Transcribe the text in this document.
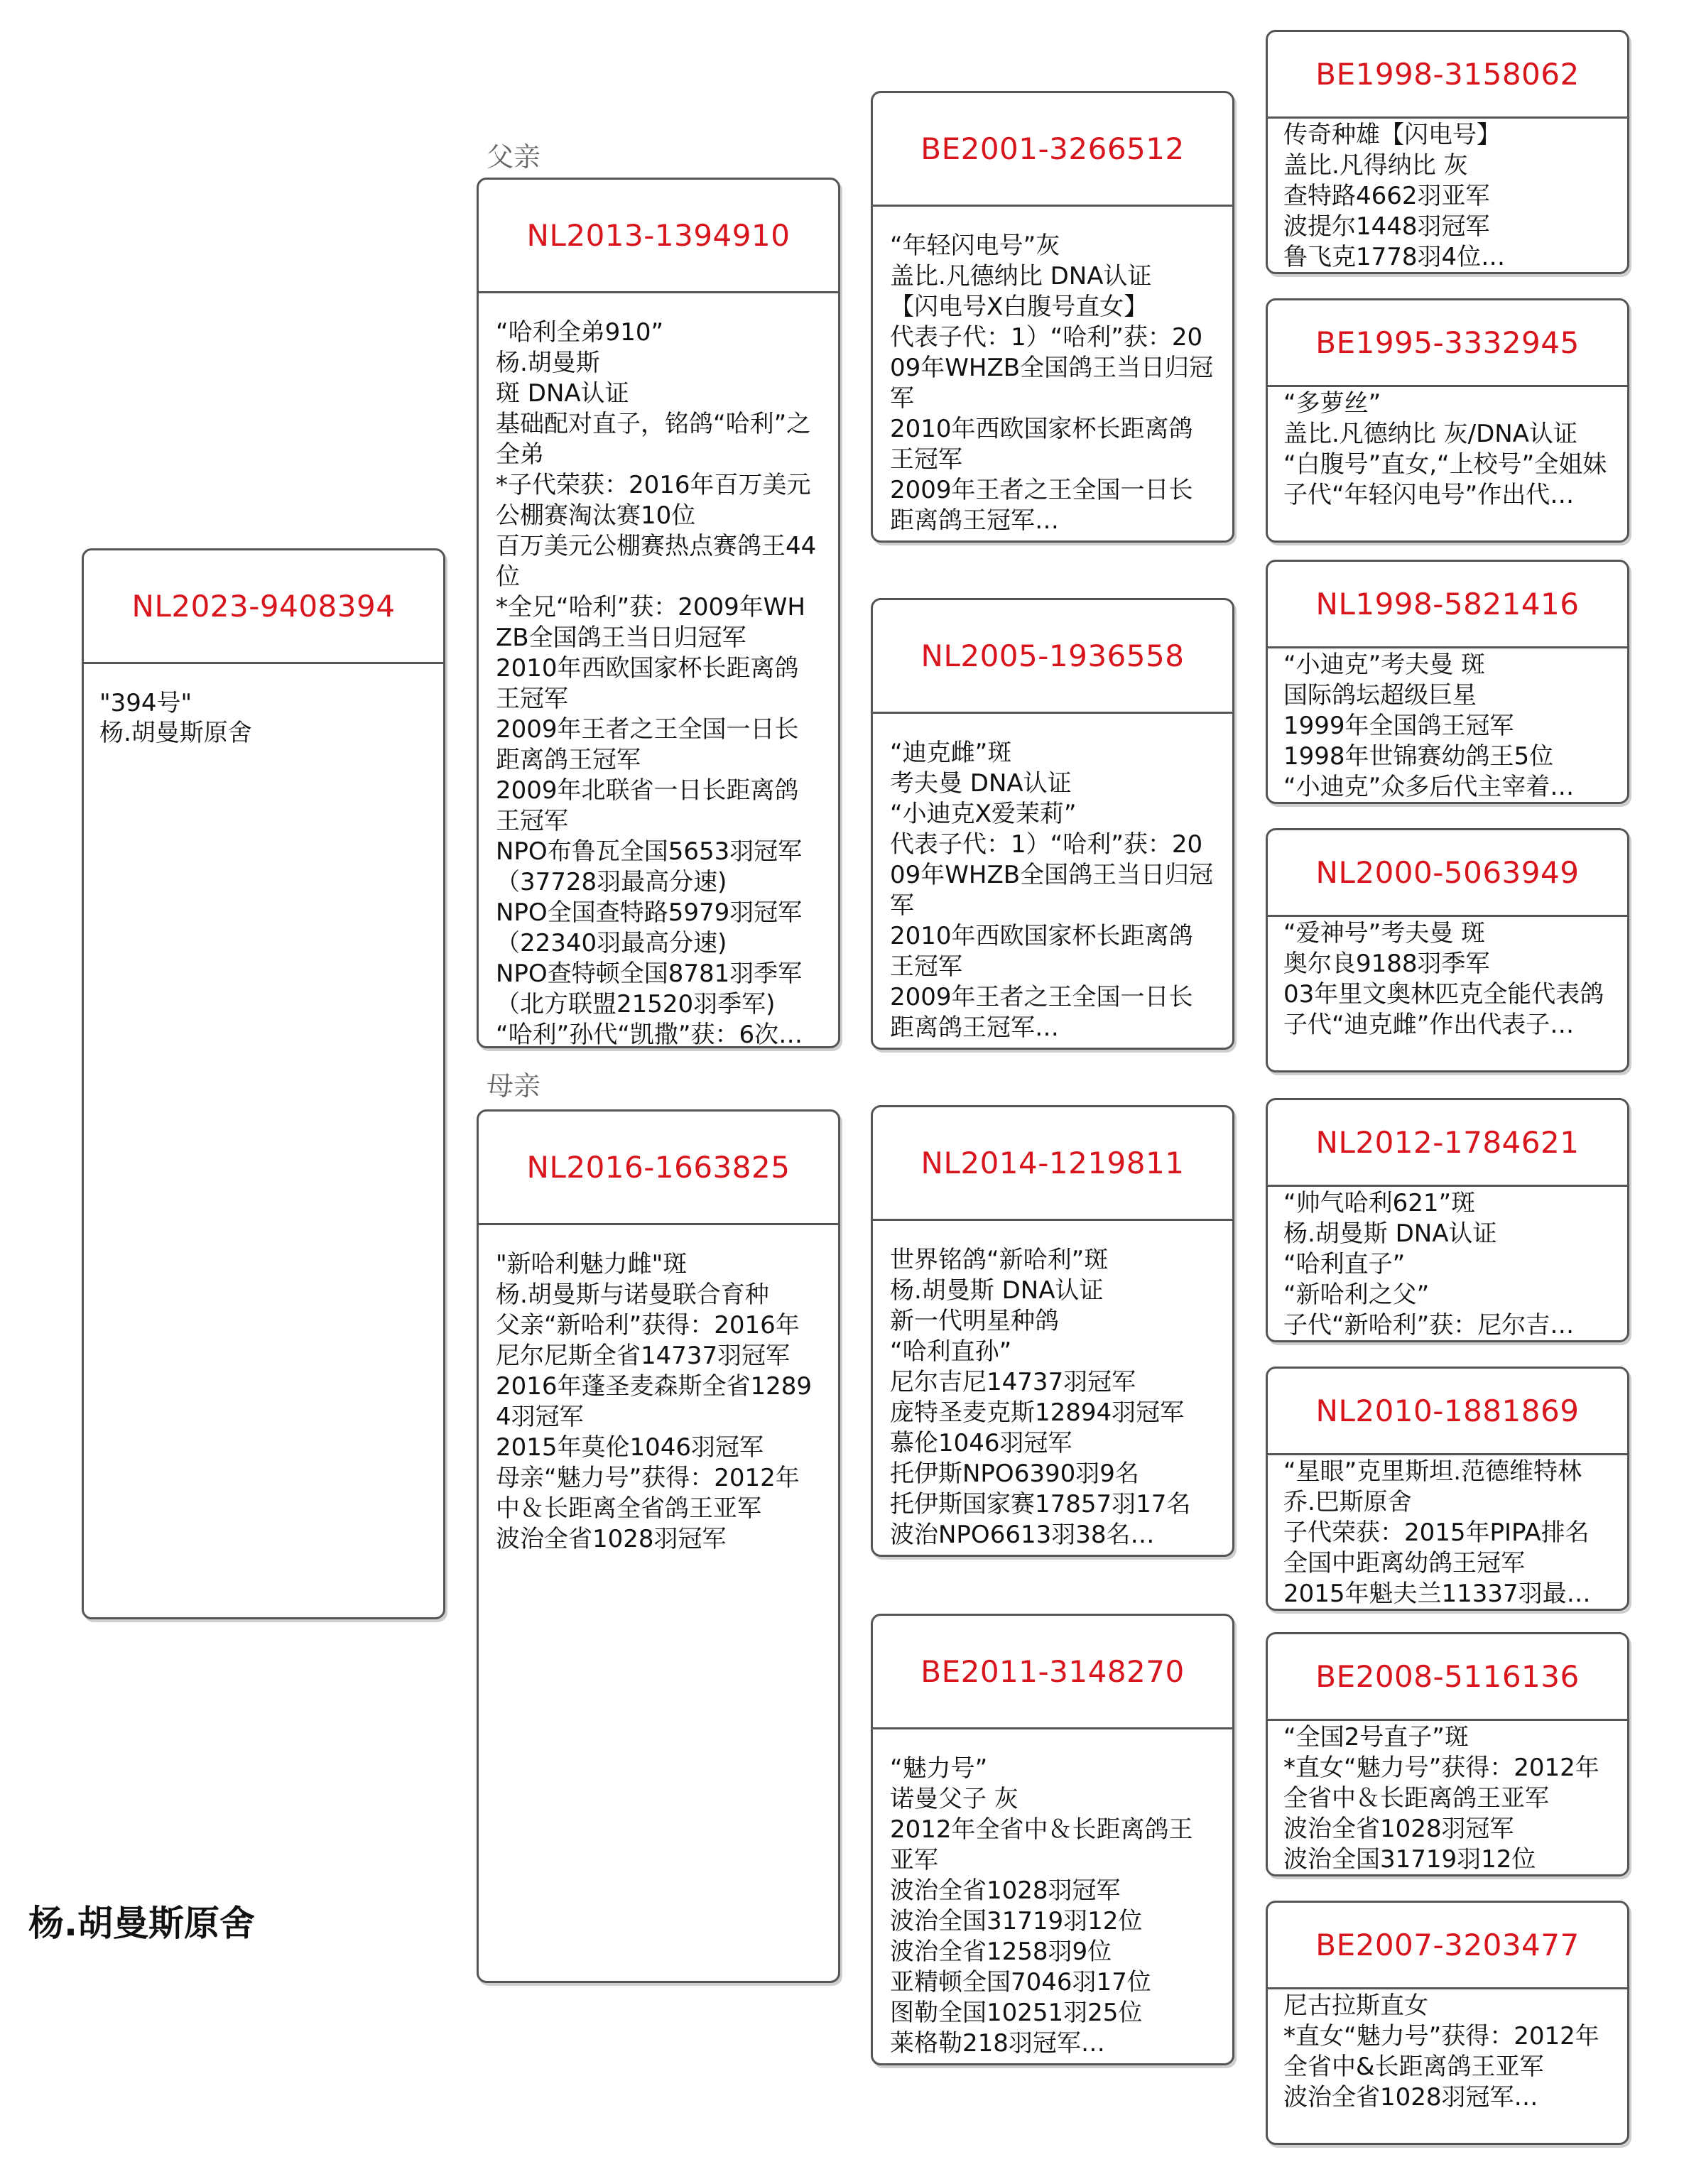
杨.胡曼斯原舍
父亲
母亲
NL2023-9408394
"394号"
杨.胡曼斯原舍
NL2013-1394910
“哈利全弟910”
杨.胡曼斯
斑 DNA认证
基础配对直子，铭鸽“哈利”之全弟
*子代荣获：2016年百万美元公棚赛淘汰赛10位
百万美元公棚赛热点赛鸽王44位
*全兄“哈利”获：2009年WHZB全国鸽王当日归冠军
2010年西欧国家杯长距离鸽王冠军
2009年王者之王全国一日长距离鸽王冠军
2009年北联省一日长距离鸽王冠军
NPO布鲁瓦全国5653羽冠军（37728羽最高分速)
NPO全国查特路5979羽冠军（22340羽最高分速)
NPO查特顿全国8781羽季军（北方联盟21520羽季军)
“哈利”孙代“凯撒”获：6次…
NL2016-1663825
"新哈利魅力雌"斑
杨.胡曼斯与诺曼联合育种
父亲“新哈利”获得：2016年尼尔尼斯全省14737羽冠军
2016年蓬圣麦森斯全省12894羽冠军
2015年莫伦1046羽冠军
母亲“魅力号”获得：2012年中＆长距离全省鸽王亚军
波治全省1028羽冠军
BE2001-3266512
“年轻闪电号”灰
盖比.凡德纳比 DNA认证
【闪电号X白腹号直女】
代表子代：1）“哈利”获：2009年WHZB全国鸽王当日归冠军
2010年西欧国家杯长距离鸽王冠军
2009年王者之王全国一日长距离鸽王冠军…
NL2005-1936558
“迪克雌”斑
考夫曼 DNA认证
“小迪克X爱茉莉”
代表子代：1）“哈利”获：2009年WHZB全国鸽王当日归冠军
2010年西欧国家杯长距离鸽王冠军
2009年王者之王全国一日长距离鸽王冠军…
NL2014-1219811
世界铭鸽“新哈利”斑
杨.胡曼斯 DNA认证
新一代明星种鸽
“哈利直孙”
尼尔吉尼14737羽冠军
庞特圣麦克斯12894羽冠军
慕伦1046羽冠军
托伊斯NPO6390羽9名
托伊斯国家赛17857羽17名
波治NPO6613羽38名…
BE2011-3148270
“魅力号”
诺曼父子 灰
2012年全省中＆长距离鸽王亚军
波治全省1028羽冠军
波治全国31719羽12位
波治全省1258羽9位
亚精顿全国7046羽17位
图勒全国10251羽25位
莱格勒218羽冠军…
BE1998-3158062
传奇种雄【闪电号】
盖比.凡得纳比 灰
查特路4662羽亚军
波提尔1448羽冠军
鲁飞克1778羽4位…
BE1995-3332945
“多萝丝”
盖比.凡德纳比 灰/DNA认证
“白腹号”直女,“上校号”全姐妹
子代“年轻闪电号”作出代…
NL1998-5821416
“小迪克”考夫曼 斑
国际鸽坛超级巨星
1999年全国鸽王冠军
1998年世锦赛幼鸽王5位
“小迪克”众多后代主宰着…
NL2000-5063949
“爱神号”考夫曼 斑
奥尔良9188羽季军
03年里文奥林匹克全能代表鸽
子代“迪克雌”作出代表子…
NL2012-1784621
“帅气哈利621”斑
杨.胡曼斯 DNA认证
“哈利直子”
“新哈利之父”
子代“新哈利”获：尼尔吉…
NL2010-1881869
“星眼”克里斯坦.范德维特林乔.巴斯原舍
子代荣获：2015年PIPA排名全国中距离幼鸽王冠军
2015年魁夫兰11337羽最…
BE2008-5116136
“全国2号直子”斑
*直女“魅力号”获得：2012年全省中＆长距离鸽王亚军
波治全省1028羽冠军
波治全国31719羽12位
BE2007-3203477
尼古拉斯直女
*直女“魅力号”获得：2012年全省中&长距离鸽王亚军
波治全省1028羽冠军…
